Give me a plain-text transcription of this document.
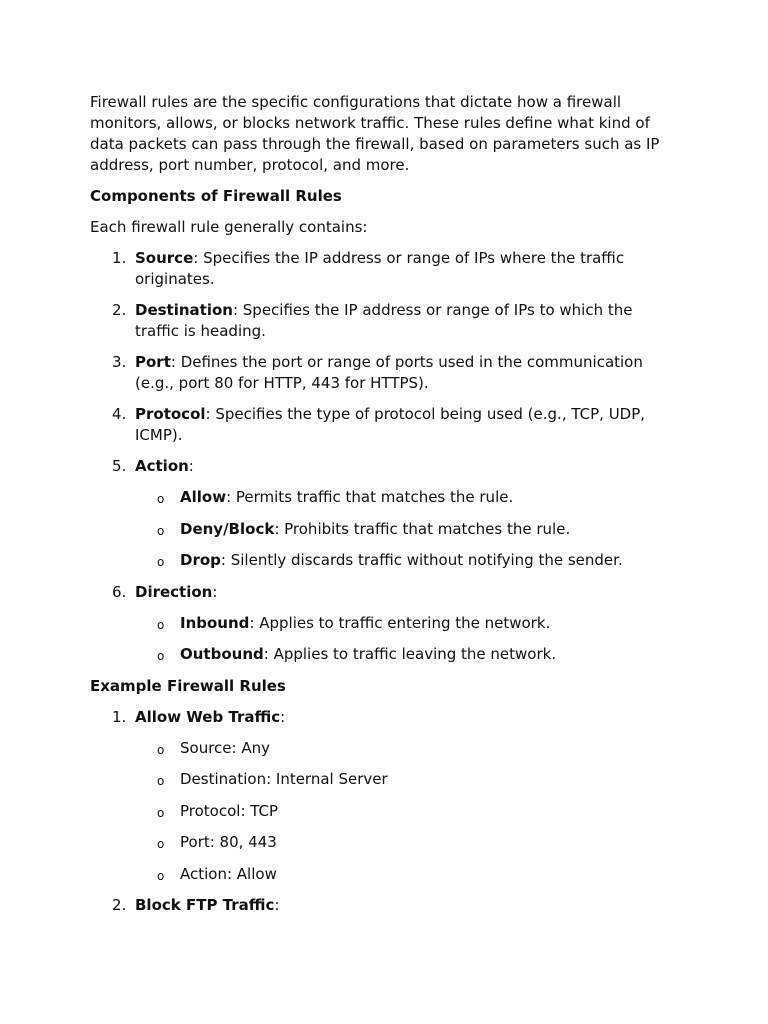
Firewall rules are the specific configurations that dictate how a firewall monitors, allows, or blocks network traffic. These rules define what kind of data packets can pass through the firewall, based on parameters such as IP address, port number, protocol, and more.

Components of Firewall Rules

Each firewall rule generally contains:

1. Source: Specifies the IP address or range of IPs where the traffic originates.
2. Destination: Specifies the IP address or range of IPs to which the traffic is heading.
3. Port: Defines the port or range of ports used in the communication (e.g., port 80 for HTTP, 443 for HTTPS).
4. Protocol: Specifies the type of protocol being used (e.g., TCP, UDP, ICMP).
5. Action:
o Allow: Permits traffic that matches the rule.
o Deny/Block: Prohibits traffic that matches the rule.
o Drop: Silently discards traffic without notifying the sender.
6. Direction:
o Inbound: Applies to traffic entering the network.
o Outbound: Applies to traffic leaving the network.

Example Firewall Rules

1. Allow Web Traffic:
o Source: Any
o Destination: Internal Server
o Protocol: TCP
o Port: 80, 443
o Action: Allow
2. Block FTP Traffic:
